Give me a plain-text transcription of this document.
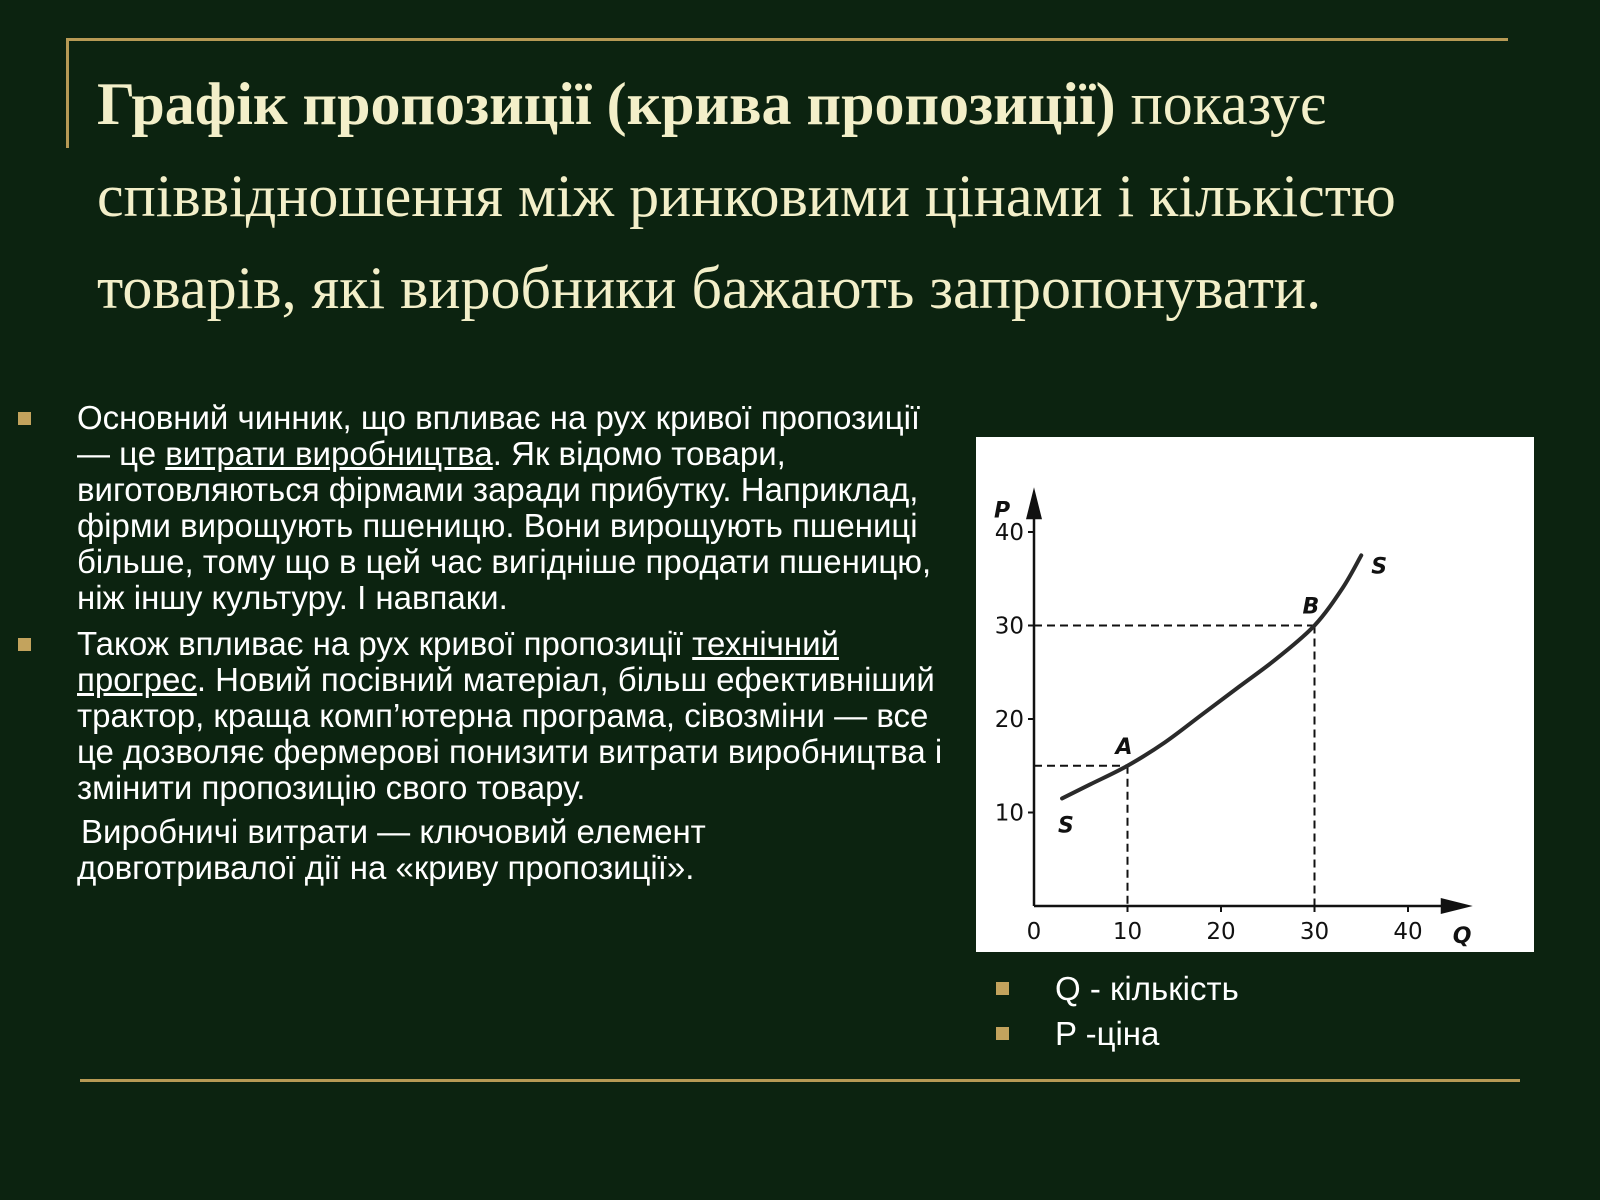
Графік пропозиції (крива пропозиції) показує співвідношення між ринковими цінами і кількістю товарів, які виробники бажають запропонувати.

Основний чинник, що впливає на рух кривої пропозиції — це витрати виробництва. Як відомо товари, виготовляються фірмами заради прибутку. Наприклад, фірми вирощують пшеницю. Вони вирощують пшениці більше, тому що в цей час вигідніше продати пшеницю, ніж іншу культуру. І навпаки.

Також впливає на рух кривої пропозиції технічний прогрес. Новий посівний матеріал, більш ефективніший трактор, краща комп’ютерна програма, сівозміни — все це дозволяє фермерові понизити витрати виробництва і змінити пропозицію свого товару.

Виробничі витрати — ключовий елемент
довготривалої дії на «криву пропозиції».
P
Q
10
20
30
40
0	10	20	30	40
S
S
A
B
Q - кількість
P -ціна
